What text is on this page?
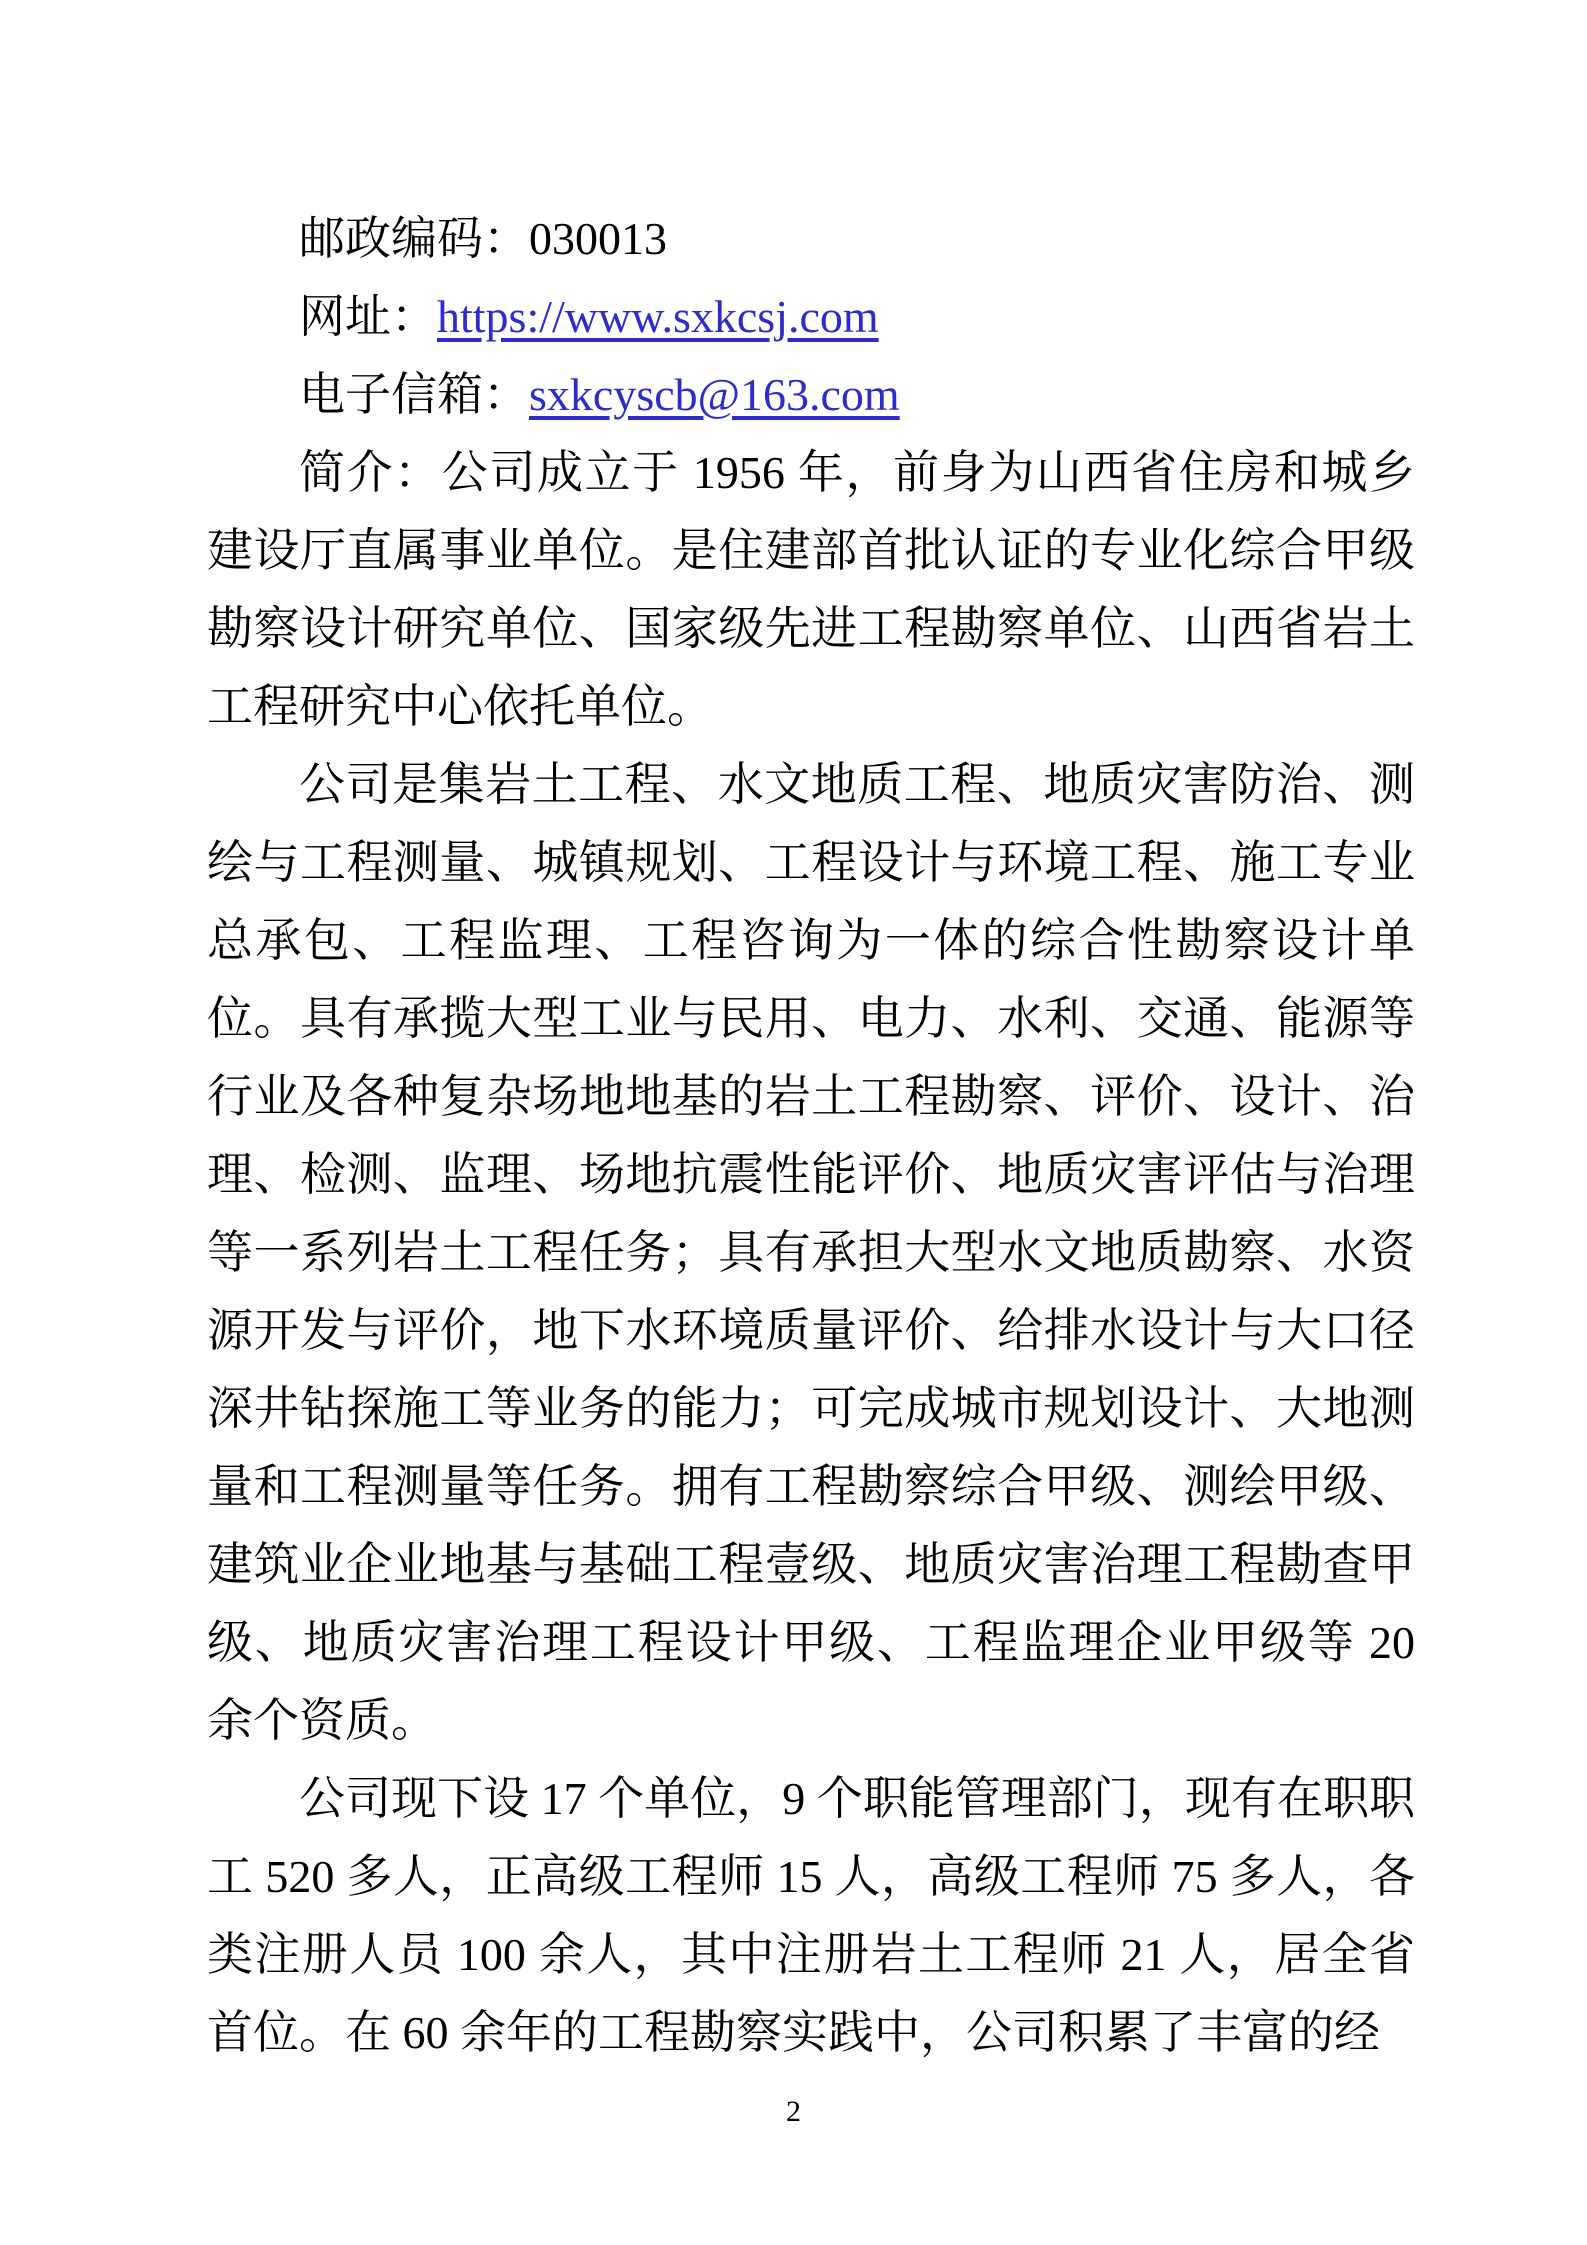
邮政编码：030013

网址：https://www.sxkcsj.com

电子信箱：sxkcyscb@163.com

简介：公司成立于 1956 年，前身为山西省住房和城乡建设厅直属事业单位。是住建部首批认证的专业化综合甲级勘察设计研究单位、国家级先进工程勘察单位、山西省岩土工程研究中心依托单位。

公司是集岩土工程、水文地质工程、地质灾害防治、测绘与工程测量、城镇规划、工程设计与环境工程、施工专业总承包、工程监理、工程咨询为一体的综合性勘察设计单位。具有承揽大型工业与民用、电力、水利、交通、能源等行业及各种复杂场地地基的岩土工程勘察、评价、设计、治理、检测、监理、场地抗震性能评价、地质灾害评估与治理等一系列岩土工程任务；具有承担大型水文地质勘察、水资源开发与评价，地下水环境质量评价、给排水设计与大口径深井钻探施工等业务的能力；可完成城市规划设计、大地测量和工程测量等任务。拥有工程勘察综合甲级、测绘甲级、建筑业企业地基与基础工程壹级、地质灾害治理工程勘查甲级、地质灾害治理工程设计甲级、工程监理企业甲级等 20 余个资质。

公司现下设 17 个单位，9 个职能管理部门，现有在职职工 520 多人，正高级工程师 15 人，高级工程师 75 多人，各类注册人员 100 余人，其中注册岩土工程师 21 人，居全省首位。在 60 余年的工程勘察实践中，公司积累了丰富的经

2
